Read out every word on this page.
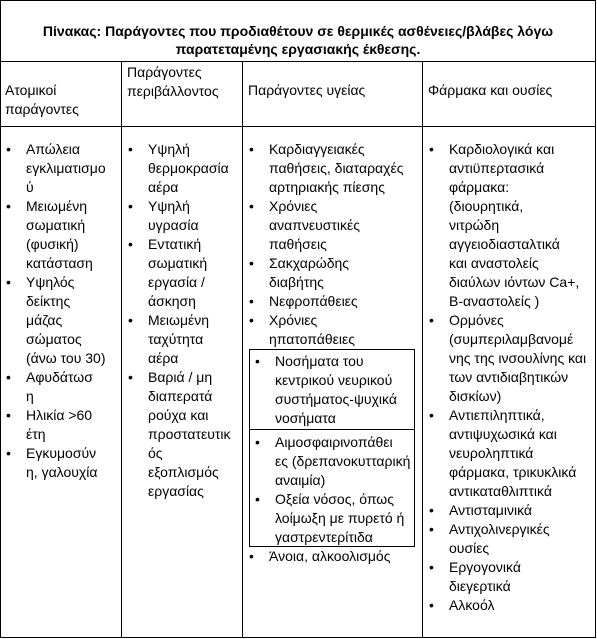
Πίνακας: Παράγοντες που προδιαθέτουν σε θερμικές ασθένειες/βλάβες λόγω
παρατεταμένης εργασιακής έκθεσης.
Ατομικοί
παράγοντες
Παράγοντες
περιβάλλοντος Παράγοντες υγείας	Φάρμακα και ουσίες
• Απώλεια
εγκλιματισμο
ύ
• Μειωμένη
σωματική
(φυσική)
κατάσταση
• Υψηλός
δείκτης
μάζας
σώματος
(άνω του 30)
• Αφυδάτωσ
η
• Ηλικία >60
έτη
• Εγκυμοσύν
η, γαλουχία
• Υψηλή
θερμοκρασία
αέρα
• Υψηλή
υγρασία
• Εντατική
σωματική
εργασία /
άσκηση
• Μειωμένη
ταχύτητα
αέρα
• Βαριά / μη
διαπερατά
ρούχα και
προστατευτικ
ός
εξοπλισμός
εργασίας
• Καρδιαγγειακές
παθήσεις, διαταραχές
αρτηριακής πίεσης
• Χρόνιες
αναπνευστικές
παθήσεις
• Σακχαρώδης
διαβήτης
• Νεφροπάθειες
• Χρόνιες
ηπατοπάθειες
• Νοσήματα του
κεντρικού νευρικού
συστήματος-ψυχικά
νοσήματα
• Αιμοσφαιρινοπάθει
ες (δρεπανοκυτταρική
αναιμία)
• Οξεία νόσος, όπως
λοίμωξη με πυρετό ή
γαστρεντερίτιδα
• Άνοια, αλκοολισμός
• Καρδιολογικά και
αντιϋπερτασικά
φάρμακα:
(διουρητικά,
νιτρώδη
αγγειοδιασταλτικά
και αναστολείς
διαύλων ιόντων Ca+,
Β-αναστολείς )
• Ορμόνες
(συμπεριλαμβανομέ
νης της ινσουλίνης και
των αντιδιαβητικών
δισκίων)
• Αντιεπιληπτικά,
αντιψυχωσικά και
νευροληπτικά
φάρμακα, τρικυκλικά
αντικαταθλιπτικά
• Αντισταμινικά
• Αντιχολινεργικές
ουσίες
• Εργογονικά
διεγερτικά
• Αλκοόλ
